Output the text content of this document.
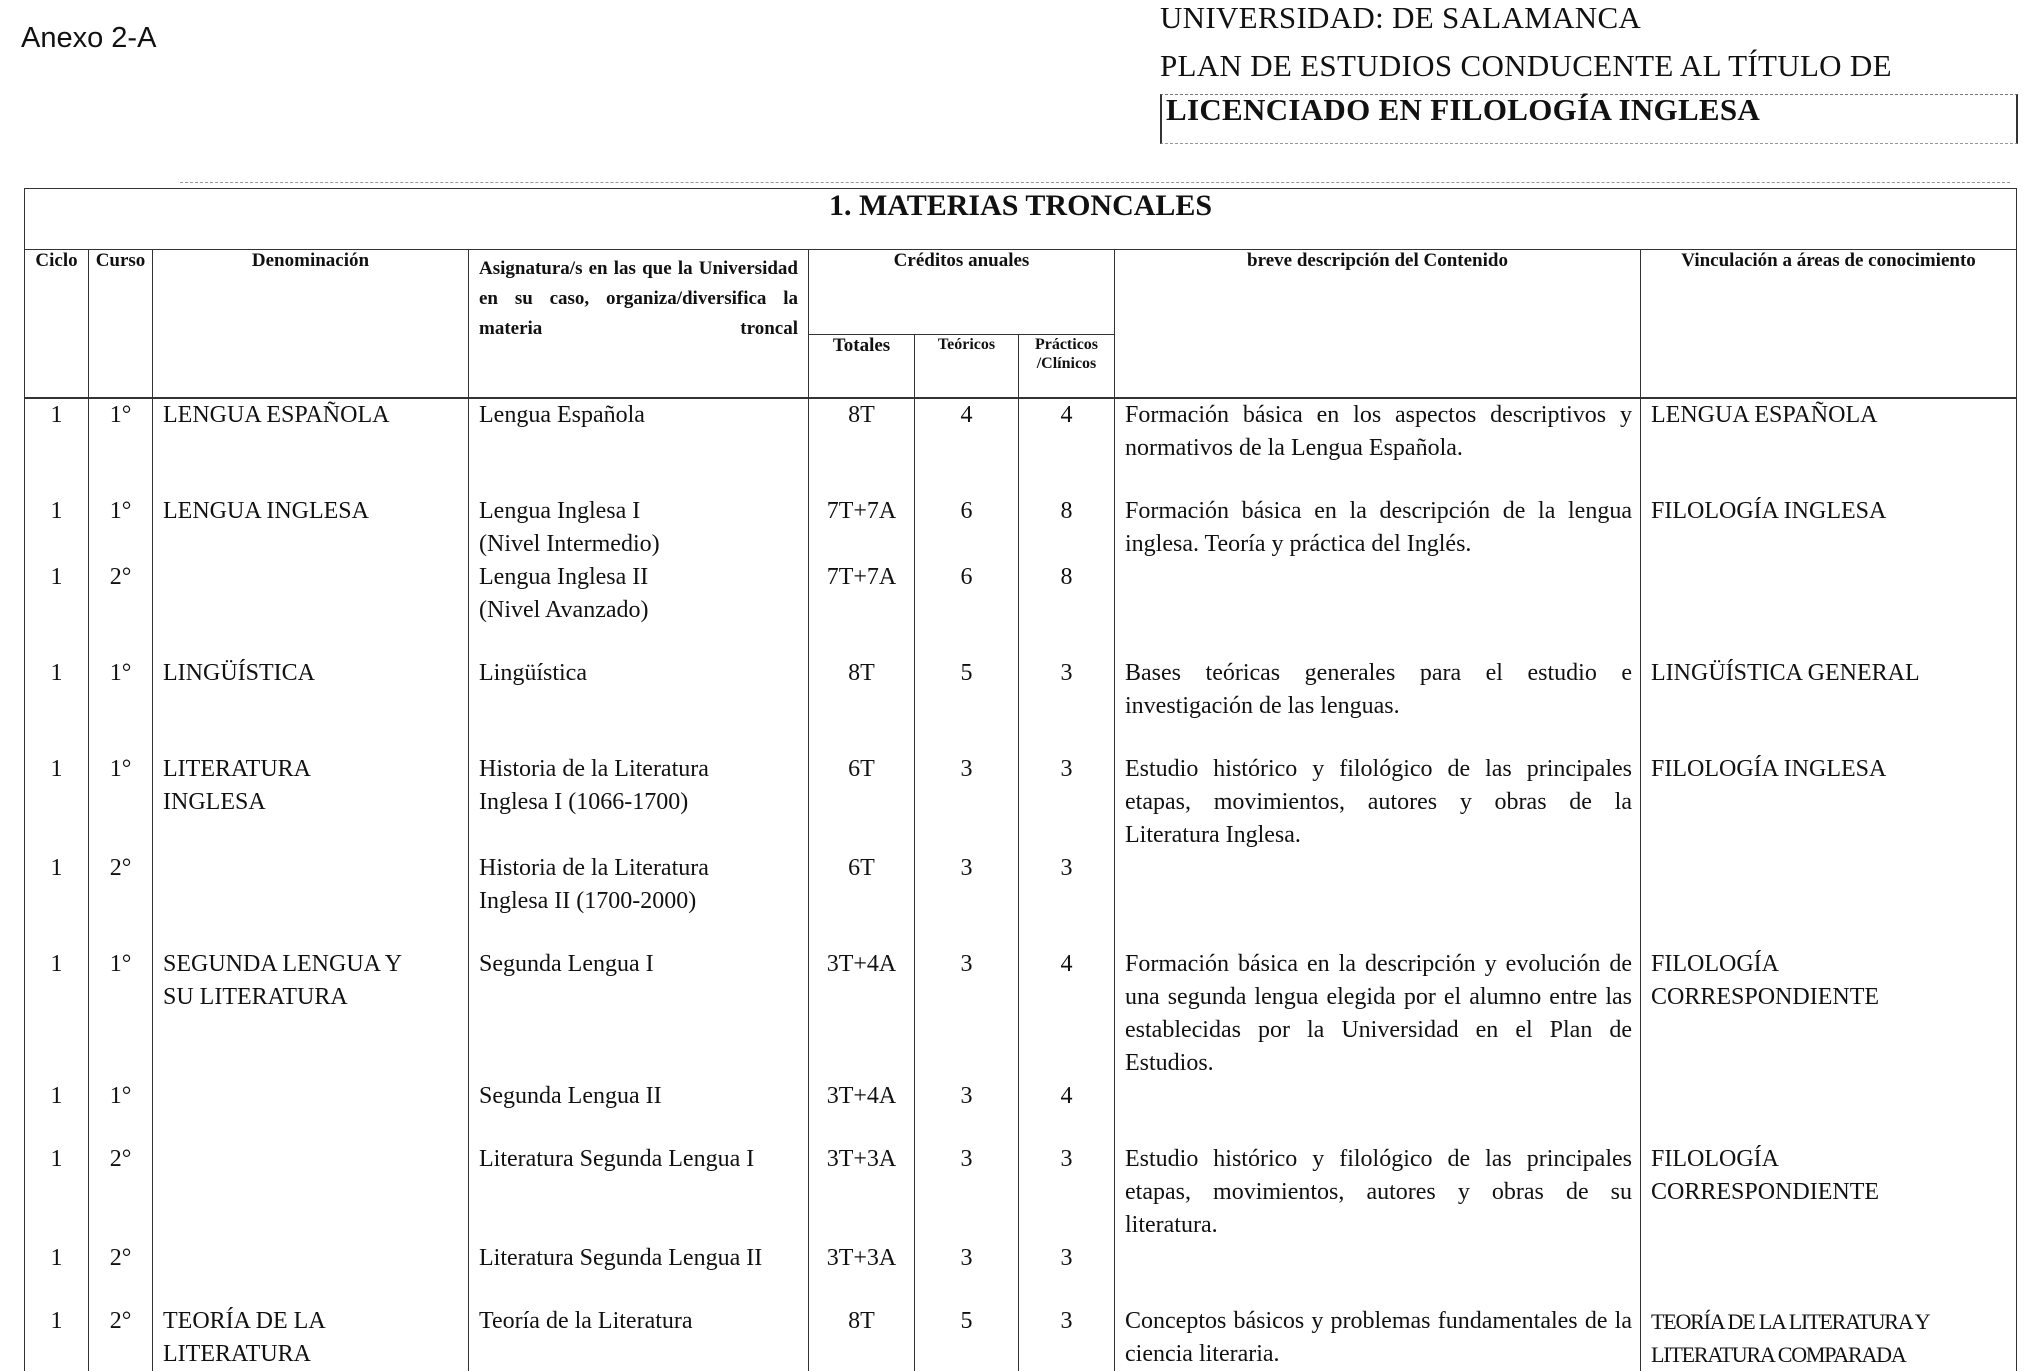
Anexo 2-A
UNIVERSIDAD: DE SALAMANCA
PLAN DE ESTUDIOS CONDUCENTE AL TÍTULO DE
LICENCIADO EN FILOLOGÍA INGLESA
1. MATERIAS TRONCALES								
Ciclo	Curso	Denominación	Asignatura/s en las que la Universidad en su caso, organiza/diversifica la materia troncal	Créditos anuales			breve descripción del Contenido	Vinculación a áreas de conocimiento
				Totales	Teóricos	Prácticos /Clínicos		
1	1°	LENGUA ESPAÑOLA	Lengua Española	8T	4	4	Formación básica en los aspectos descriptivos y normativos de la Lengua Española.	LENGUA ESPAÑOLA

1	1°	LENGUA INGLESA	Lengua Inglesa I
(Nivel Intermedio)	7T+7A	6	8	Formación básica en la descripción de la lengua inglesa. Teoría y práctica del Inglés.	FILOLOGÍA INGLESA
1	2°		Lengua Inglesa II
(Nivel Avanzado)	7T+7A	6	8		

1	1°	LINGÜÍSTICA	Lingüística	8T	5	3	Bases teóricas generales para el estudio e investigación de las lenguas.	LINGÜÍSTICA GENERAL

1	1°	LITERATURA
INGLESA	Historia de la Literatura
Inglesa I (1066-1700)	6T	3	3	Estudio histórico y filológico de las principales etapas, movimientos, autores y obras de la Literatura Inglesa.	FILOLOGÍA INGLESA
1	2°		Historia de la Literatura
Inglesa II (1700-2000)	6T	3	3		

1	1°	SEGUNDA LENGUA Y
SU LITERATURA	Segunda Lengua I	3T+4A	3	4	Formación básica en la descripción y evolución de una segunda lengua elegida por el alumno entre las establecidas por la Universidad en el Plan de Estudios.	FILOLOGÍA
CORRESPONDIENTE
1	1°		Segunda Lengua II	3T+4A	3	4		

1	2°		Literatura Segunda Lengua I	3T+3A	3	3	Estudio histórico y filológico de las principales etapas, movimientos, autores y obras de su literatura.	FILOLOGÍA
CORRESPONDIENTE
1	2°		Literatura Segunda Lengua II	3T+3A	3	3		

1	2°	TEORÍA DE LA
LITERATURA	Teoría de la Literatura	8T	5	3	Conceptos básicos y problemas fundamentales de la ciencia literaria.	TEORÍA DE LA LITERATURA Y
LITERATURA COMPARADA
